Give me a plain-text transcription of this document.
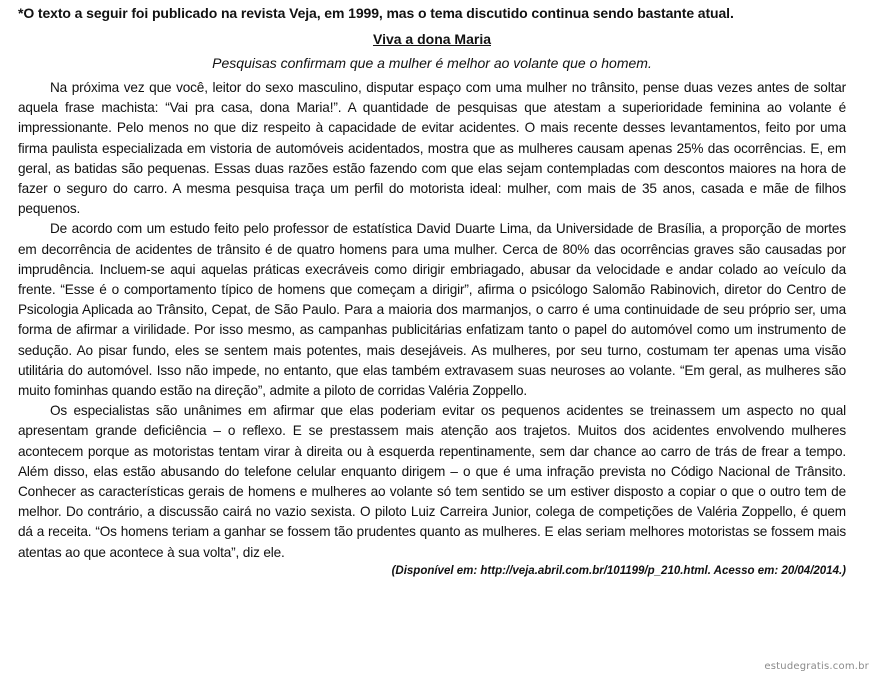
*O texto a seguir foi publicado na revista Veja, em 1999, mas o tema discutido continua sendo bastante atual.

Viva a dona Maria

Pesquisas confirmam que a mulher é melhor ao volante que o homem.

Na próxima vez que você, leitor do sexo masculino, disputar espaço com uma mulher no trânsito, pense duas vezes antes de soltar aquela frase machista: “Vai pra casa, dona Maria!”. A quantidade de pesquisas que atestam a superioridade feminina ao volante é impressionante. Pelo menos no que diz respeito à capacidade de evitar acidentes. O mais recente desses levantamentos, feito por uma firma paulista especializada em vistoria de automóveis acidentados, mostra que as mulheres causam apenas 25% das ocorrências. E, em geral, as batidas são pequenas. Essas duas razões estão fazendo com que elas sejam contempladas com descontos maiores na hora de fazer o seguro do carro. A mesma pesquisa traça um perfil do motorista ideal: mulher, com mais de 35 anos, casada e mãe de filhos pequenos.

De acordo com um estudo feito pelo professor de estatística David Duarte Lima, da Universidade de Brasília, a proporção de mortes em decorrência de acidentes de trânsito é de quatro homens para uma mulher. Cerca de 80% das ocorrências graves são causadas por imprudência. Incluem-se aqui aquelas práticas execráveis como dirigir embriagado, abusar da velocidade e andar colado ao veículo da frente. “Esse é o comportamento típico de homens que começam a dirigir”, afirma o psicólogo Salomão Rabinovich, diretor do Centro de Psicologia Aplicada ao Trânsito, Cepat, de São Paulo. Para a maioria dos marmanjos, o carro é uma continuidade de seu próprio ser, uma forma de afirmar a virilidade. Por isso mesmo, as campanhas publicitárias enfatizam tanto o papel do automóvel como um instrumento de sedução. Ao pisar fundo, eles se sentem mais potentes, mais desejáveis. As mulheres, por seu turno, costumam ter apenas uma visão utilitária do automóvel. Isso não impede, no entanto, que elas também extravasem suas neuroses ao volante. “Em geral, as mulheres são muito fominhas quando estão na direção”, admite a piloto de corridas Valéria Zoppello.

Os especialistas são unânimes em afirmar que elas poderiam evitar os pequenos acidentes se treinassem um aspecto no qual apresentam grande deficiência – o reflexo. E se prestassem mais atenção aos trajetos. Muitos dos acidentes envolvendo mulheres acontecem porque as motoristas tentam virar à direita ou à esquerda repentinamente, sem dar chance ao carro de trás de frear a tempo. Além disso, elas estão abusando do telefone celular enquanto dirigem – o que é uma infração prevista no Código Nacional de Trânsito. Conhecer as características gerais de homens e mulheres ao volante só tem sentido se um estiver disposto a copiar o que o outro tem de melhor. Do contrário, a discussão cairá no vazio sexista. O piloto Luiz Carreira Junior, colega de competições de Valéria Zoppello, é quem dá a receita. “Os homens teriam a ganhar se fossem tão prudentes quanto as mulheres. E elas seriam melhores motoristas se fossem mais atentas ao que acontece à sua volta”, diz ele.

(Disponível em: http://veja.abril.com.br/101199/p_210.html. Acesso em: 20/04/2014.)

estudegratis.com.br
